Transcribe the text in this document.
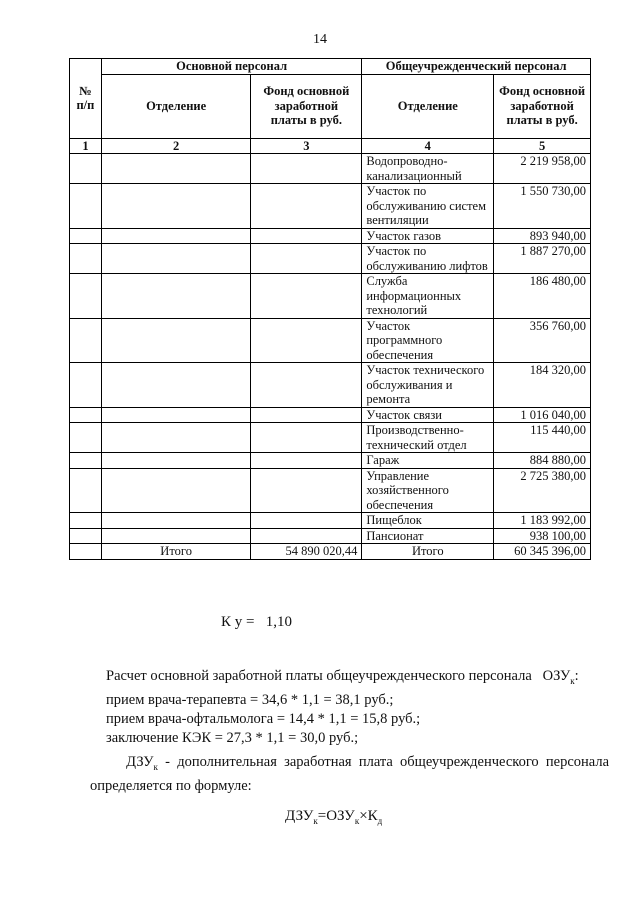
14
№ п/п	Основной персонал		Общеучрежденческий персонал	
	Отделение	Фонд основной заработной платы в руб.	Отделение	Фонд основной заработной платы в руб.
1	2	3	4	5
			Водопроводно-канализационный	2 219 958,00
			Участок по обслуживанию систем вентиляции	1 550 730,00
			Участок газов	893 940,00
			Участок по обслуживанию лифтов	1 887 270,00
			Служба информационных технологий	186 480,00
			Участок программного обеспечения	356 760,00
			Участок технического обслуживания и ремонта	184 320,00
			Участок связи	1 016 040,00
			Производственно-технический отдел	115 440,00
			Гараж	884 880,00
			Управление хозяйственного обеспечения	2 725 380,00
			Пищеблок	1 183 992,00
			Пансионат	938 100,00
	Итого	54 890 020,44	Итого	60 345 396,00
К у = 1,10
Расчет основной заработной платы общеучрежденческого персонала $ОЗУ_к$:
прием врача-терапевта = 34,6 * 1,1 = 38,1 руб.;
прием врача-офтальмолога = 14,4 * 1,1 = 15,8 руб.;
заключение КЭК = 27,3 * 1,1 = 30,0 руб.;
$ДЗУ_к$ - дополнительная заработная плата общеучрежденческого персонала определяется по формуле:
$ДЗУ_к=ОЗУ_к\times К_д$
